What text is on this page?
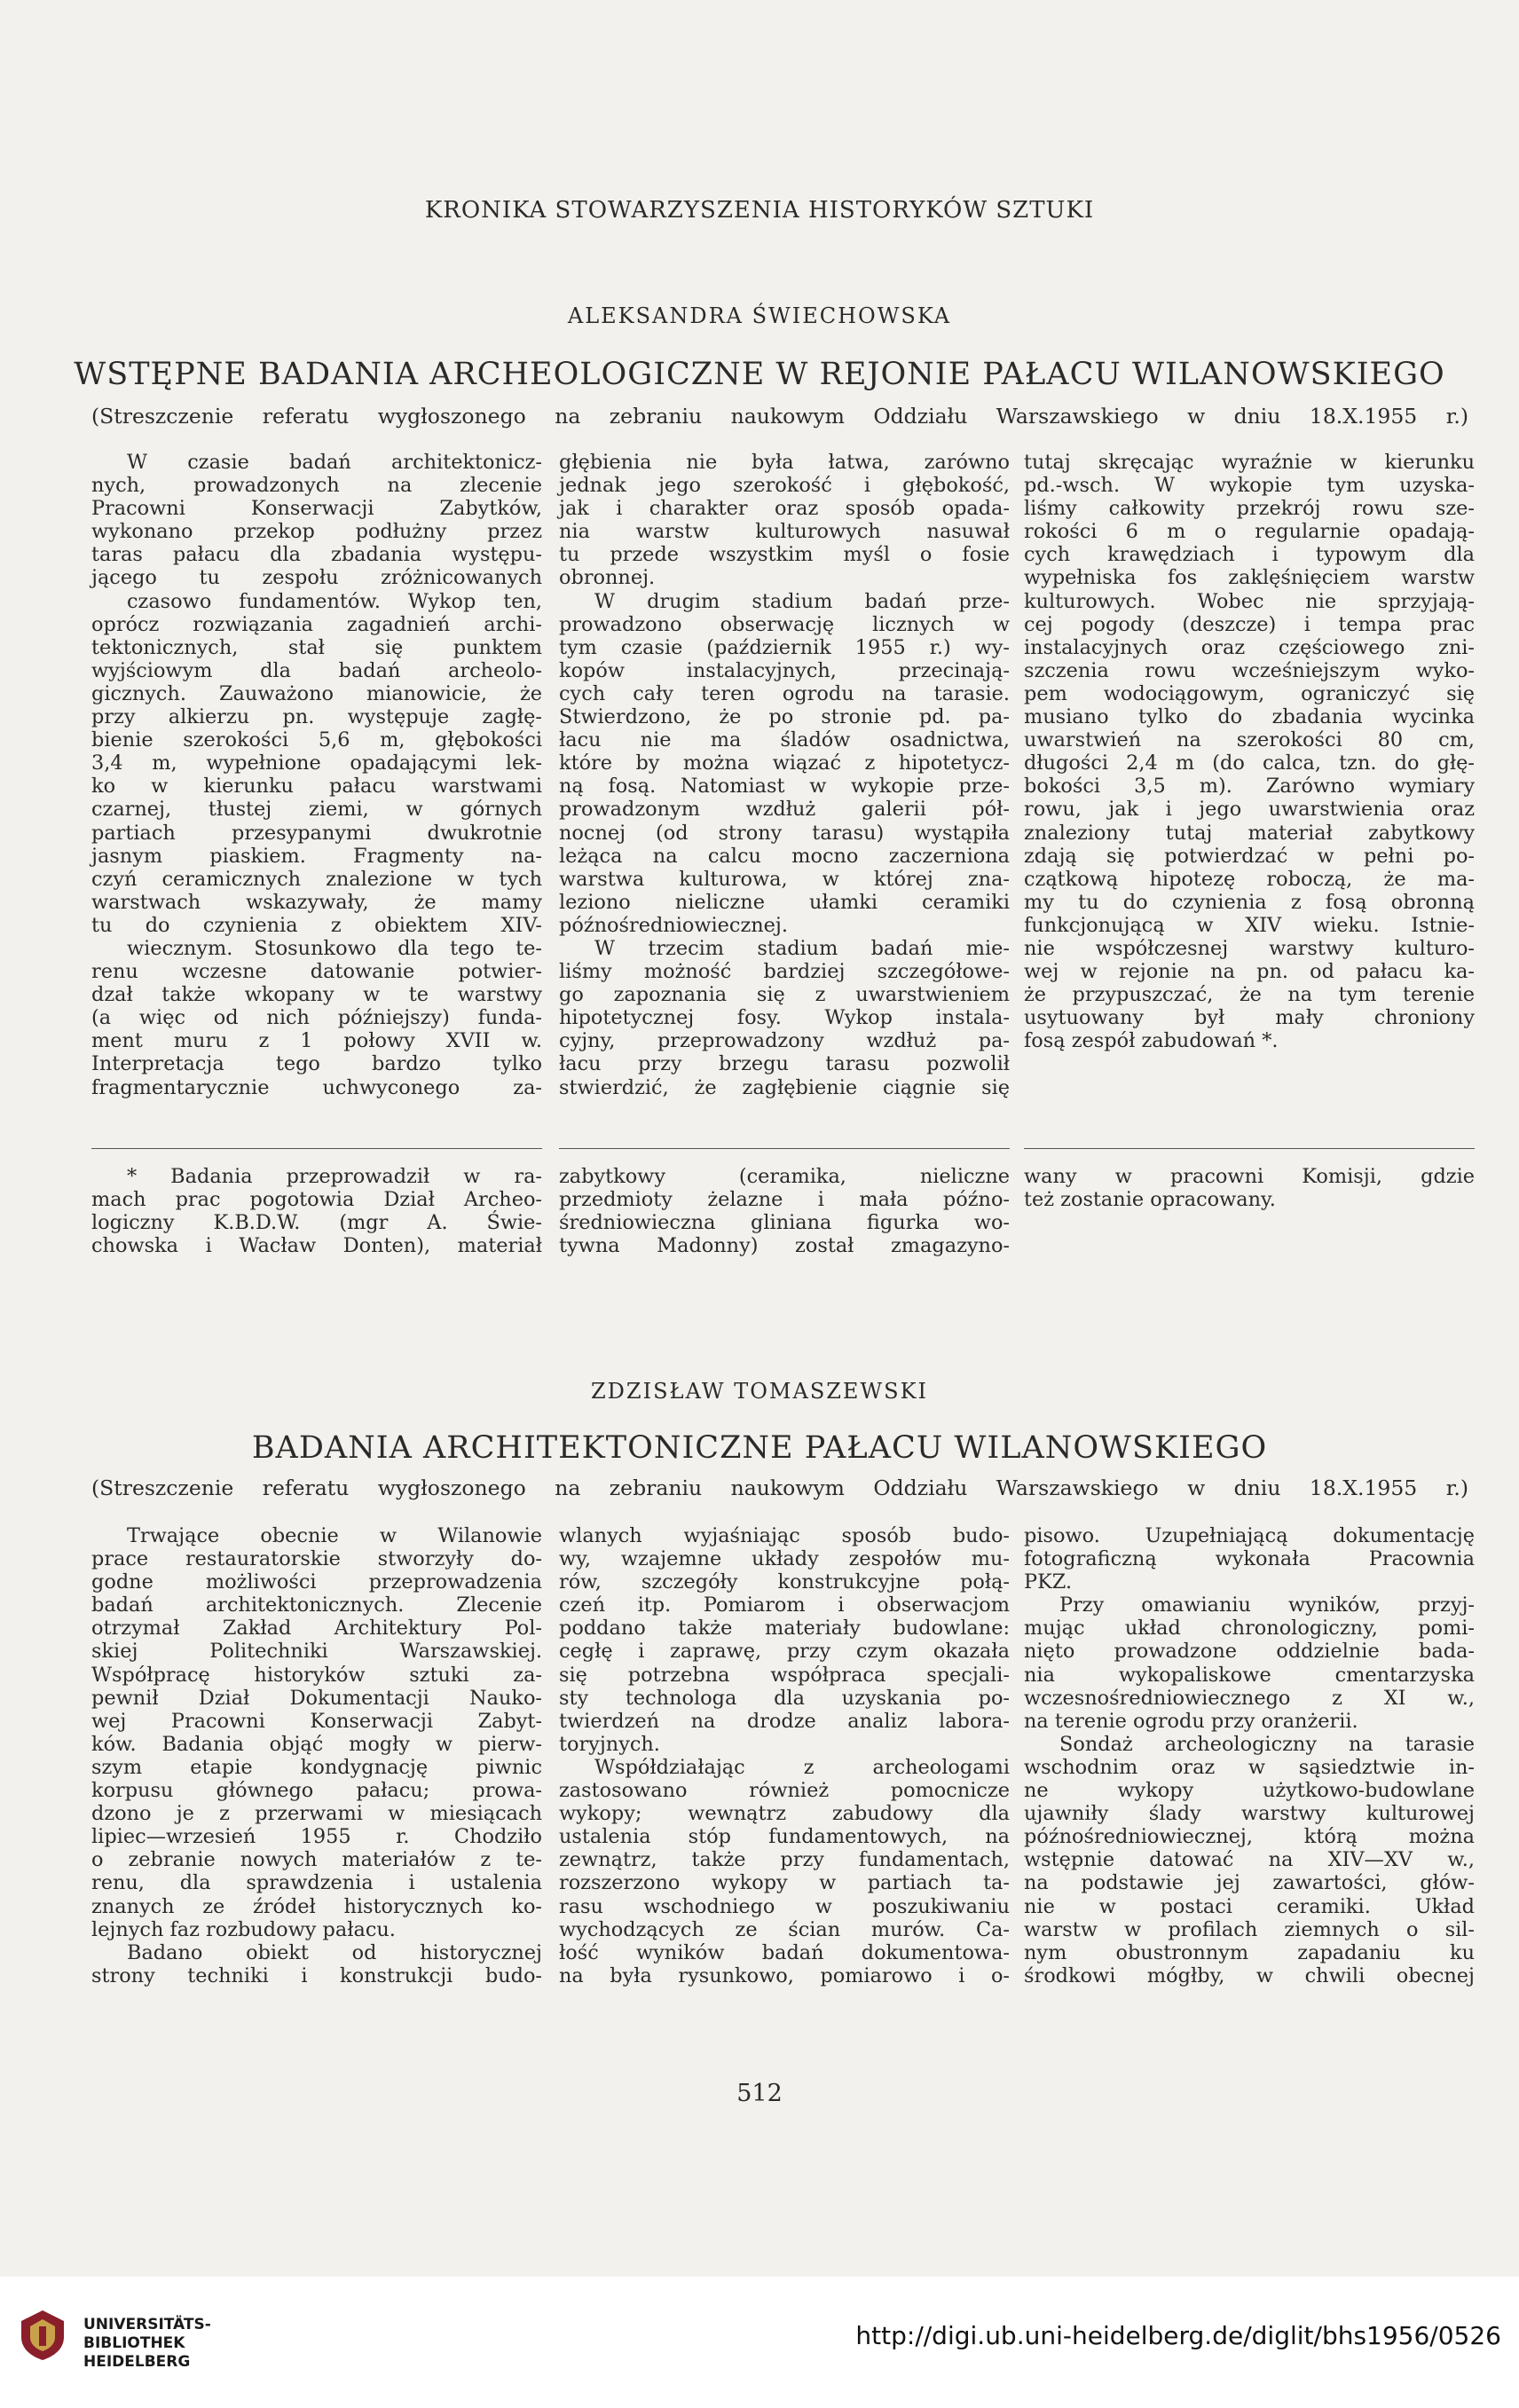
KRONIKA STOWARZYSZENIA HISTORYKÓW SZTUKI
ALEKSANDRA ŚWIECHOWSKA
WSTĘPNE BADANIA ARCHEOLOGICZNE W REJONIE PAŁACU WILANOWSKIEGO
(Streszczenie referatu wygłoszonego na zebraniu naukowym Oddziału Warszawskiego w dniu 18.X.1955 r.)
W czasie badań architektonicz-
nych, prowadzonych na zlecenie
Pracowni Konserwacji Zabytków,
wykonano przekop podłużny przez
taras pałacu dla zbadania występu-
jącego tu zespołu zróżnicowanych
czasowo fundamentów. Wykop ten,
oprócz rozwiązania zagadnień archi-
tektonicznych, stał się punktem
wyjściowym dla badań archeolo-
gicznych. Zauważono mianowicie, że
przy alkierzu pn. występuje zagłę-
bienie szerokości 5,6 m, głębokości
3,4 m, wypełnione opadającymi lek-
ko w kierunku pałacu warstwami
czarnej, tłustej ziemi, w górnych
partiach przesypanymi dwukrotnie
jasnym piaskiem. Fragmenty na-
czyń ceramicznych znalezione w tych
warstwach wskazywały, że mamy
tu do czynienia z obiektem XIV-
wiecznym. Stosunkowo dla tego te-
renu wczesne datowanie potwier-
dzał także wkopany w te warstwy
(a więc od nich późniejszy) funda-
ment muru z 1 połowy XVII w.
Interpretacja tego bardzo tylko
fragmentarycznie uchwyconego za-
głębienia nie była łatwa, zarówno
jednak jego szerokość i głębokość,
jak i charakter oraz sposób opada-
nia warstw kulturowych nasuwał
tu przede wszystkim myśl o fosie
obronnej.
W drugim stadium badań prze-
prowadzono obserwację licznych w
tym czasie (październik 1955 r.) wy-
kopów instalacyjnych, przecinają-
cych cały teren ogrodu na tarasie.
Stwierdzono, że po stronie pd. pa-
łacu nie ma śladów osadnictwa,
które by można wiązać z hipotetycz-
ną fosą. Natomiast w wykopie prze-
prowadzonym wzdłuż galerii pół-
nocnej (od strony tarasu) wystąpiła
leżąca na calcu mocno zaczerniona
warstwa kulturowa, w której zna-
leziono nieliczne ułamki ceramiki
późnośredniowiecznej.
W trzecim stadium badań mie-
liśmy możność bardziej szczegółowe-
go zapoznania się z uwarstwieniem
hipotetycznej fosy. Wykop instala-
cyjny, przeprowadzony wzdłuż pa-
łacu przy brzegu tarasu pozwolił
stwierdzić, że zagłębienie ciągnie się
tutaj skręcając wyraźnie w kierunku
pd.-wsch. W wykopie tym uzyska-
liśmy całkowity przekrój rowu sze-
rokości 6 m o regularnie opadają-
cych krawędziach i typowym dla
wypełniska fos zaklęśnięciem warstw
kulturowych. Wobec nie sprzyjają-
cej pogody (deszcze) i tempa prac
instalacyjnych oraz częściowego zni-
szczenia rowu wcześniejszym wyko-
pem wodociągowym, ograniczyć się
musiano tylko do zbadania wycinka
uwarstwień na szerokości 80 cm,
długości 2,4 m (do calca, tzn. do głę-
bokości 3,5 m). Zarówno wymiary
rowu, jak i jego uwarstwienia oraz
znaleziony tutaj materiał zabytkowy
zdają się potwierdzać w pełni po-
czątkową hipotezę roboczą, że ma-
my tu do czynienia z fosą obronną
funkcjonującą w XIV wieku. Istnie-
nie współczesnej warstwy kulturo-
wej w rejonie na pn. od pałacu ka-
że przypuszczać, że na tym terenie
usytuowany był mały chroniony
fosą zespół zabudowań *.
* Badania przeprowadził w ra-
mach prac pogotowia Dział Archeo-
logiczny K.B.D.W. (mgr A. Świe-
chowska i Wacław Donten), materiał
zabytkowy (ceramika, nieliczne
przedmioty żelazne i mała późno-
średniowieczna gliniana figurka wo-
tywna Madonny) został zmagazyno-
wany w pracowni Komisji, gdzie
też zostanie opracowany.
ZDZISŁAW TOMASZEWSKI
BADANIA ARCHITEKTONICZNE PAŁACU WILANOWSKIEGO
(Streszczenie referatu wygłoszonego na zebraniu naukowym Oddziału Warszawskiego w dniu 18.X.1955 r.)
Trwające obecnie w Wilanowie
prace restauratorskie stworzyły do-
godne możliwości przeprowadzenia
badań architektonicznych. Zlecenie
otrzymał Zakład Architektury Pol-
skiej Politechniki Warszawskiej.
Współpracę historyków sztuki za-
pewnił Dział Dokumentacji Nauko-
wej Pracowni Konserwacji Zabyt-
ków. Badania objąć mogły w pierw-
szym etapie kondygnację piwnic
korpusu głównego pałacu; prowa-
dzono je z przerwami w miesiącach
lipiec—wrzesień 1955 r. Chodziło
o zebranie nowych materiałów z te-
renu, dla sprawdzenia i ustalenia
znanych ze źródeł historycznych ko-
lejnych faz rozbudowy pałacu.
Badano obiekt od historycznej
strony techniki i konstrukcji budo-
wlanych wyjaśniając sposób budo-
wy, wzajemne układy zespołów mu-
rów, szczegóły konstrukcyjne połą-
czeń itp. Pomiarom i obserwacjom
poddano także materiały budowlane:
cegłę i zaprawę, przy czym okazała
się potrzebna współpraca specjali-
sty technologa dla uzyskania po-
twierdzeń na drodze analiz labora-
toryjnych.
Współdziałając z archeologami
zastosowano również pomocnicze
wykopy; wewnątrz zabudowy dla
ustalenia stóp fundamentowych, na
zewnątrz, także przy fundamentach,
rozszerzono wykopy w partiach ta-
rasu wschodniego w poszukiwaniu
wychodzących ze ścian murów. Ca-
łość wyników badań dokumentowa-
na była rysunkowo, pomiarowo i o-
pisowo. Uzupełniającą dokumentację
fotograficzną wykonała Pracownia
PKZ.
Przy omawianiu wyników, przyj-
mując układ chronologiczny, pomi-
nięto prowadzone oddzielnie bada-
nia wykopaliskowe cmentarzyska
wczesnośredniowiecznego z XI w.,
na terenie ogrodu przy oranżerii.
Sondaż archeologiczny na tarasie
wschodnim oraz w sąsiedztwie in-
ne wykopy użytkowo-budowlane
ujawniły ślady warstwy kulturowej
późnośredniowiecznej, którą można
wstępnie datować na XIV—XV w.,
na podstawie jej zawartości, głów-
nie w postaci ceramiki. Układ
warstw w profilach ziemnych o sil-
nym obustronnym zapadaniu ku
środkowi mógłby, w chwili obecnej
512
UNIVERSITÄTS-
BIBLIOTHEK
HEIDELBERG
http://digi.ub.uni-heidelberg.de/diglit/bhs1956/0526
